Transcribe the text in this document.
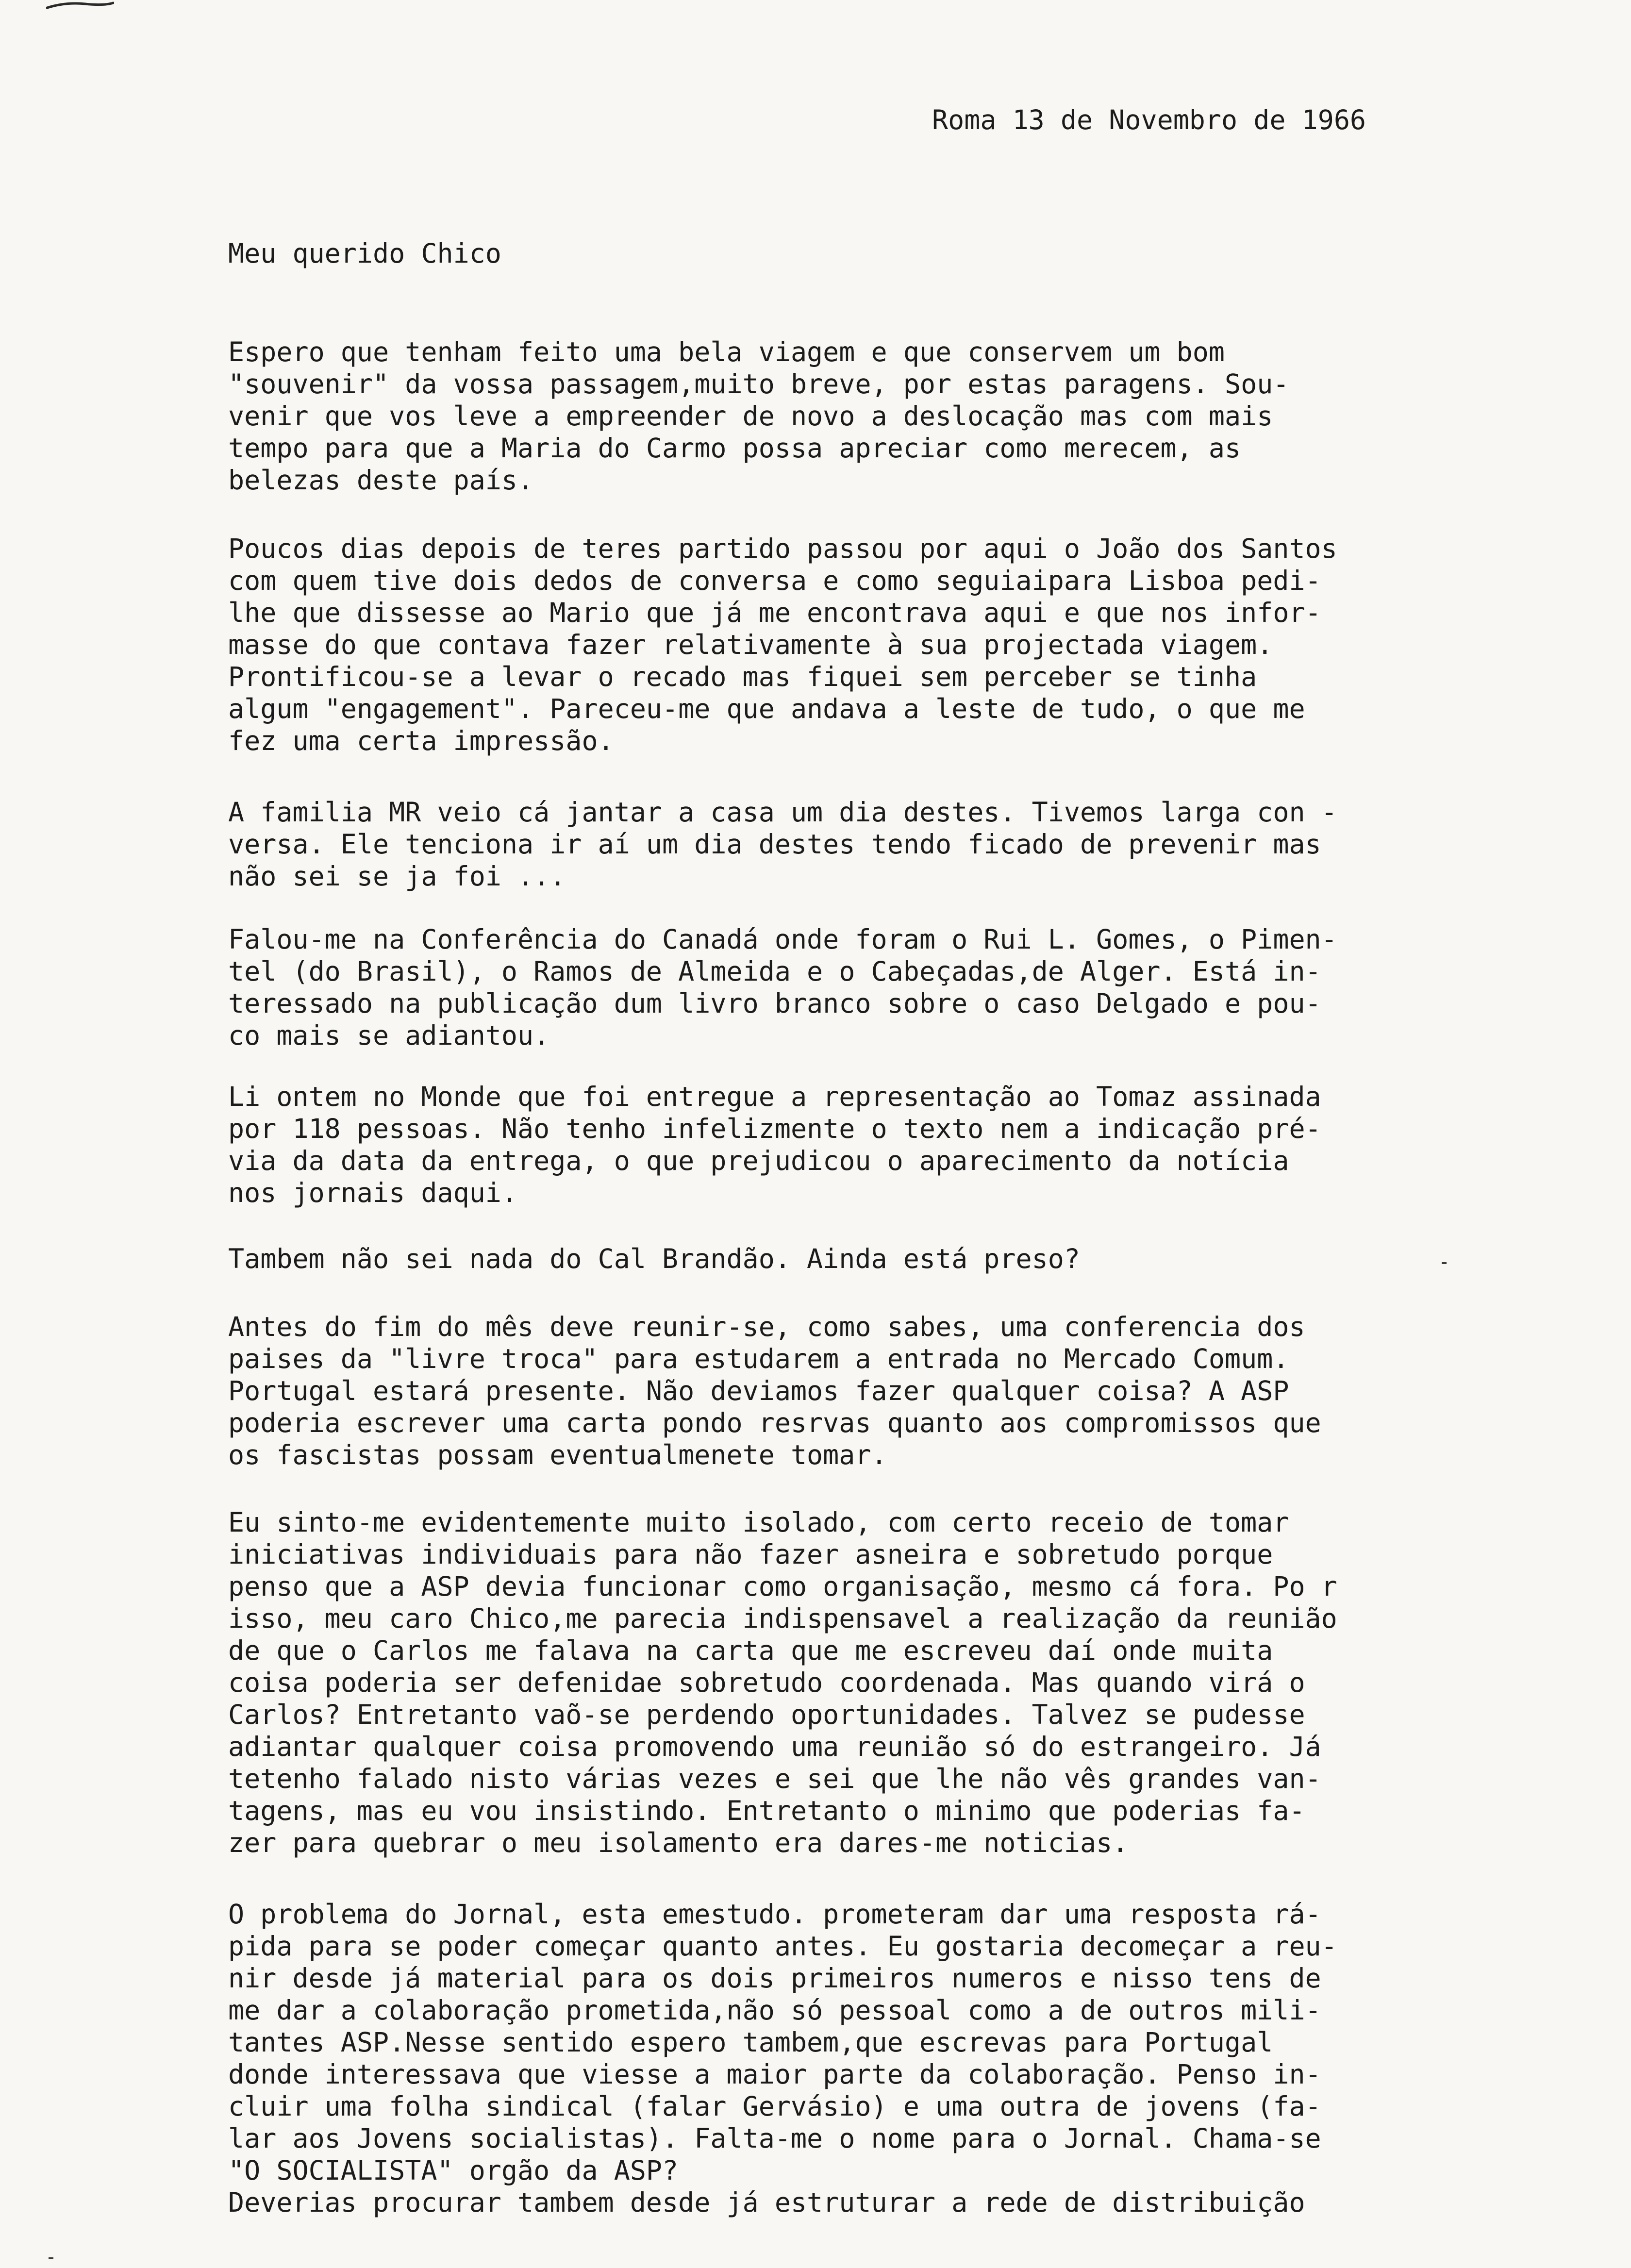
Roma 13 de Novembro de 1966
Meu querido Chico
Espero que tenham feito uma bela viagem e que conservem um bom
"souvenir" da vossa passagem,muito breve, por estas paragens. Sou-
venir que vos leve a empreender de novo a deslocação mas com mais
tempo para que a Maria do Carmo possa apreciar como merecem, as
belezas deste país.
Poucos dias depois de teres partido passou por aqui o João dos Santos
com quem tive dois dedos de conversa e como seguiaipara Lisboa pedi-
lhe que dissesse ao Mario que já me encontrava aqui e que nos infor-
masse do que contava fazer relativamente à sua projectada viagem.
Prontificou-se a levar o recado mas fiquei sem perceber se tinha
algum "engagement". Pareceu-me que andava a leste de tudo, o que me
fez uma certa impressão.
A familia MR veio cá jantar a casa um dia destes. Tivemos larga con -
versa. Ele tenciona ir aí um dia destes tendo ficado de prevenir mas
não sei se ja foi ...
Falou-me na Conferência do Canadá onde foram o Rui L. Gomes, o Pimen-
tel (do Brasil), o Ramos de Almeida e o Cabeçadas,de Alger. Está in-
teressado na publicação dum livro branco sobre o caso Delgado e pou-
co mais se adiantou.
Li ontem no Monde que foi entregue a representação ao Tomaz assinada
por 118 pessoas. Não tenho infelizmente o texto nem a indicação pré-
via da data da entrega, o que prejudicou o aparecimento da notícia
nos jornais daqui.
Tambem não sei nada do Cal Brandão. Ainda está preso?
Antes do fim do mês deve reunir-se, como sabes, uma conferencia dos
paises da "livre troca" para estudarem a entrada no Mercado Comum.
Portugal estará presente. Não deviamos fazer qualquer coisa? A ASP
poderia escrever uma carta pondo resrvas quanto aos compromissos que
os fascistas possam eventualmenete tomar.
Eu sinto-me evidentemente muito isolado, com certo receio de tomar
iniciativas individuais para não fazer asneira e sobretudo porque
penso que a ASP devia funcionar como organisação, mesmo cá fora. Po r
isso, meu caro Chico,me parecia indispensavel a realização da reunião
de que o Carlos me falava na carta que me escreveu daí onde muita
coisa poderia ser defenidae sobretudo coordenada. Mas quando virá o
Carlos? Entretanto vaõ-se perdendo oportunidades. Talvez se pudesse
adiantar qualquer coisa promovendo uma reunião só do estrangeiro. Já
tetenho falado nisto várias vezes e sei que lhe não vês grandes van-
tagens, mas eu vou insistindo. Entretanto o minimo que poderias fa-
zer para quebrar o meu isolamento era dares-me noticias.
O problema do Jornal, esta emestudo. prometeram dar uma resposta rá-
pida para se poder começar quanto antes. Eu gostaria decomeçar a reu-
nir desde já material para os dois primeiros numeros e nisso tens de
me dar a colaboração prometida,não só pessoal como a de outros mili-
tantes ASP.Nesse sentido espero tambem,que escrevas para Portugal
donde interessava que viesse a maior parte da colaboração. Penso in-
cluir uma folha sindical (falar Gervásio) e uma outra de jovens (fa-
lar aos Jovens socialistas). Falta-me o nome para o Jornal. Chama-se
"O SOCIALISTA" orgão da ASP?
Deverias procurar tambem desde já estruturar a rede de distribuição
